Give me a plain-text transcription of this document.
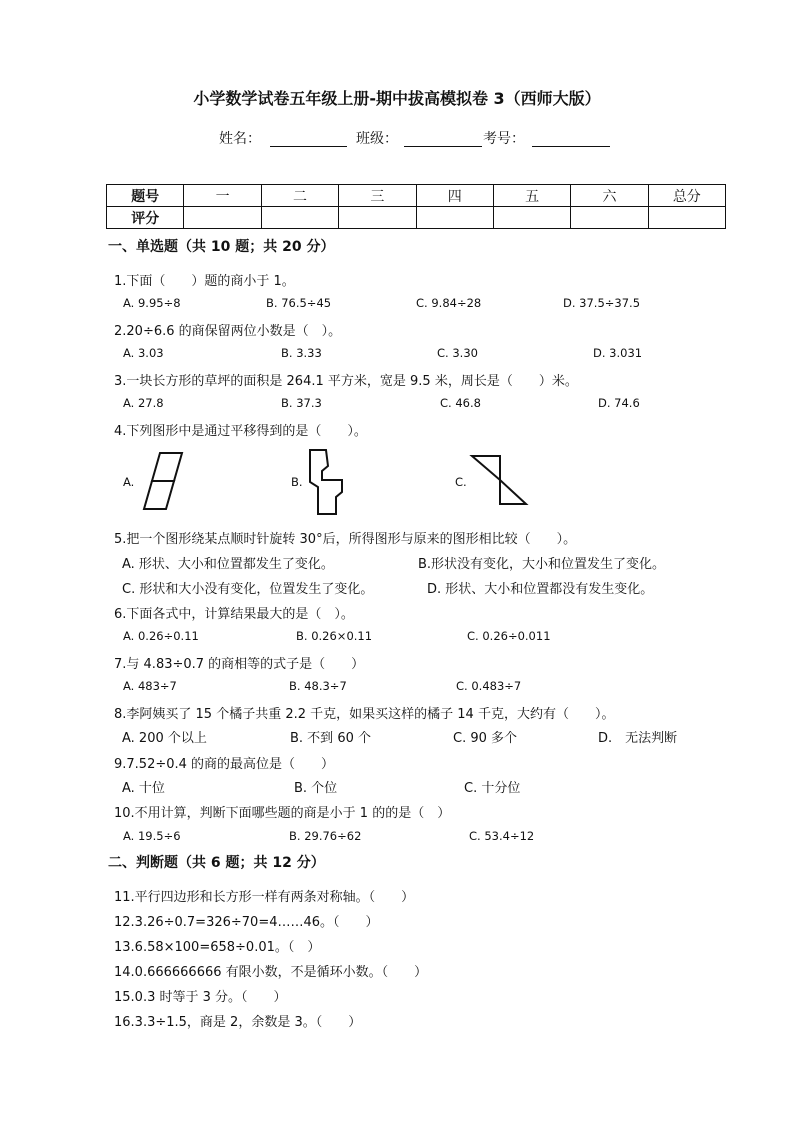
小学数学试卷五年级上册-期中拔高模拟卷 3（西师大版）
姓名：	班级：	考号：
题号	一	二	三	四	五	六	总分
评分							
一、单选题（共 10 题；共 20 分）
1.下面（　　）题的商小于 1。
A. 9.95÷8	B. 76.5÷45	C. 9.84÷28	D. 37.5÷37.5
2.20÷6.6 的商保留两位小数是（　）。
A. 3.03	B. 3.33	C. 3.30	D. 3.031
3.一块长方形的草坪的面积是 264.1 平方米，宽是 9.5 米，周长是（　　）米。
A. 27.8	B. 37.3	C. 46.8	D. 74.6
4.下列图形中是通过平移得到的是（　　）。
A.	B.	C.
5.把一个图形绕某点顺时针旋转 30°后，所得图形与原来的图形相比较（　　）。
A. 形状、大小和位置都发生了变化。	B.形状没有变化，大小和位置发生了变化。
C. 形状和大小没有变化，位置发生了变化。	D. 形状、大小和位置都没有发生变化。
6.下面各式中，计算结果最大的是（　）。
A. 0.26÷0.11	B. 0.26×0.11	C. 0.26÷0.011
7.与 4.83÷0.7 的商相等的式子是（　　）
A. 483÷7	B. 48.3÷7	C. 0.483÷7
8.李阿姨买了 15 个橘子共重 2.2 千克，如果买这样的橘子 14 千克，大约有（　　）。
A. 200 个以上	B. 不到 60 个	C. 90 多个	D.　无法判断
9.7.52÷0.4 的商的最高位是（　　）
A. 十位	B. 个位	C. 十分位
10.不用计算，判断下面哪些题的商是小于 1 的的是（　）
A. 19.5÷6	B. 29.76÷62	C. 53.4÷12
二、判断题（共 6 题；共 12 分）
11.平行四边形和长方形一样有两条对称轴。（　　）
12.3.26÷0.7=326÷70=4……46。（　　）
13.6.58×100=658÷0.01。（　）
14.0.666666666 有限小数，不是循环小数。（　　）
15.0.3 时等于 3 分。（　　）
16.3.3÷1.5，商是 2，余数是 3。（　　）
